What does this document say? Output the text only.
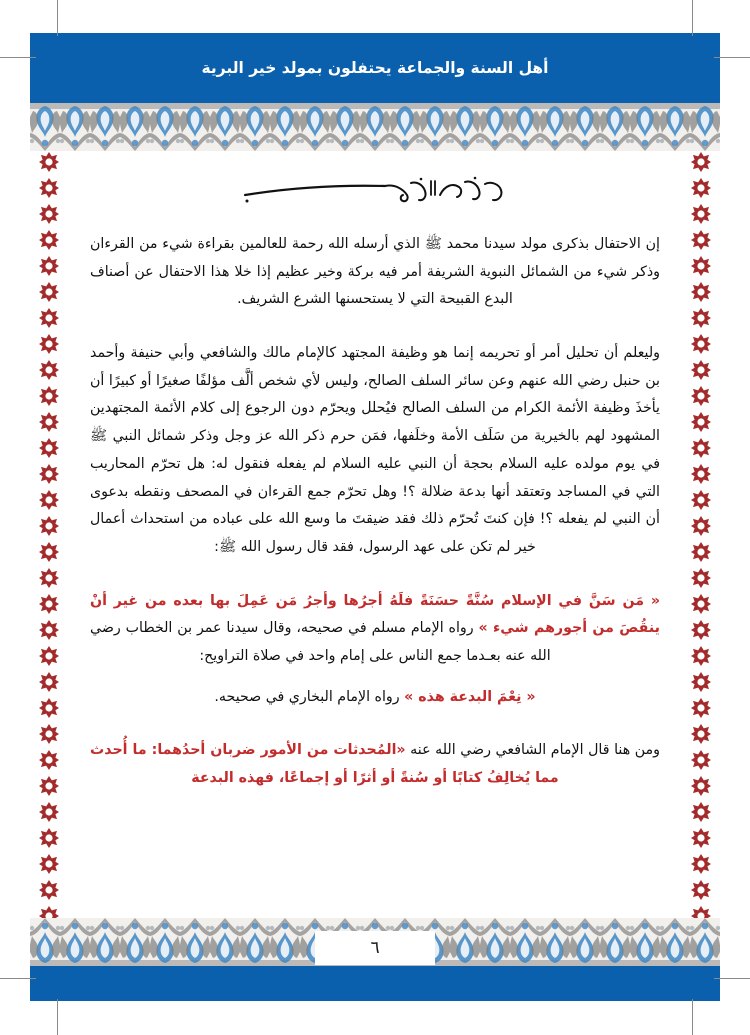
أهل السنة والجماعة يحتفلون بمولد خير البرية

إن الاحتفال بذكرى مولد سيدنا محمد ﷺ الذي أرسله الله رحمة للعالمين بقراءة شيء من القرءان وذكر شيء من الشمائل النبوية الشريفة أمر فيه بركة وخير عظيم إذا خلا هذا الاحتفال عن أصناف البدع القبيحة التي لا يستحسنها الشرع الشريف.

وليعلم أن تحليل أمر أو تحريمه إنما هو وظيفة المجتهد كالإمام مالك والشافعي وأبي حنيفة وأحمد بن حنبل رضي الله عنهم وعن سائر السلف الصالح، وليس لأي شخص ألَّف مؤلفًا صغيرًا أو كبيرًا أن يأخذَ وظيفة الأئمة الكرام من السلف الصالح فيُحلل ويحرّم دون الرجوع إلى كلام الأئمة المجتهدين المشهود لهم بالخيرية من سَلَف الأمة وخلَفها، فمَن حرم ذكر الله عز وجل وذكر شمائل النبي ﷺ في يوم مولده عليه السلام بحجة أن النبي عليه السلام لم يفعله فنقول له: هل تحرّم المحاريب التي في المساجد وتعتقد أنها بدعة ضلالة ؟! وهل تحرّم جمع القرءان في المصحف ونقطه بدعوى أن النبي لم يفعله ؟! فإن كنتَ تُحرّم ذلك فقد ضيقتَ ما وسع الله على عباده من استحداث أعمال خير لم تكن على عهد الرسول، فقد قال رسول الله ﷺ:

« مَن سَنَّ في الإسلام سُنَّةً حسَنَةً فلَهُ أجرُها وأجرُ مَن عَمِلَ بها بعده من غير أنْ ينقُصَ من أجورهم شيء » رواه الإمام مسلم في صحيحه، وقال سيدنا عمر بن الخطاب رضي الله عنه بعـدما جمع الناس على إمام واحد في صلاة التراويح:

« نِعْمَ البدعة هذه » رواه الإمام البخاري في صحيحه.

ومن هنا قال الإمام الشافعي رضي الله عنه «المُحدثات من الأمور ضربان أحدُهما: ما أُحدث مما يُخالِفُ كتابًا أو سُنةً أو أثرًا أو إجماعًا، فهذه البدعة

٦
